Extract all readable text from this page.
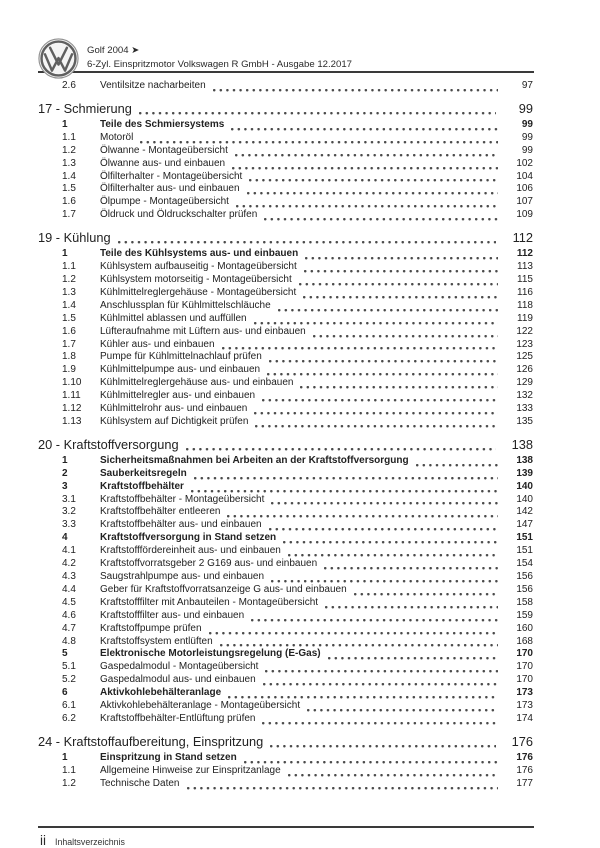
Golf 2004 ➤
6-Zyl. Einspritzmotor Volkswagen R GmbH - Ausgabe 12.2017
2.6	Ventilsitze nacharbeiten	97
17 - Schmierung	99
1	Teile des Schmiersystems	99
1.1	Motoröl	99
1.2	Ölwanne - Montageübersicht	99
1.3	Ölwanne aus- und einbauen	102
1.4	Ölfilterhalter - Montageübersicht	104
1.5	Ölfilterhalter aus- und einbauen	106
1.6	Ölpumpe - Montageübersicht	107
1.7	Öldruck und Öldruckschalter prüfen	109
19 - Kühlung	112
1	Teile des Kühlsystems aus- und einbauen	112
1.1	Kühlsystem aufbauseitig - Montageübersicht	113
1.2	Kühlsystem motorseitig - Montageübersicht	115
1.3	Kühlmittelreglergehäuse - Montageübersicht	116
1.4	Anschlussplan für Kühlmittelschläuche	118
1.5	Kühlmittel ablassen und auffüllen	119
1.6	Lüfteraufnahme mit Lüftern aus- und einbauen	122
1.7	Kühler aus- und einbauen	123
1.8	Pumpe für Kühlmittelnachlauf prüfen	125
1.9	Kühlmittelpumpe aus- und einbauen	126
1.10	Kühlmittelreglergehäuse aus- und einbauen	129
1.11	Kühlmittelregler aus- und einbauen	132
1.12	Kühlmittelrohr aus- und einbauen	133
1.13	Kühlsystem auf Dichtigkeit prüfen	135
20 - Kraftstoffversorgung	138
1	Sicherheitsmaßnahmen bei Arbeiten an der Kraftstoffversorgung	138
2	Sauberkeitsregeln	139
3	Kraftstoffbehälter	140
3.1	Kraftstoffbehälter - Montageübersicht	140
3.2	Kraftstoffbehälter entleeren	142
3.3	Kraftstoffbehälter aus- und einbauen	147
4	Kraftstoffversorgung in Stand setzen	151
4.1	Kraftstofffördereinheit aus- und einbauen	151
4.2	Kraftstoffvorratsgeber 2 G169 aus- und einbauen	154
4.3	Saugstrahlpumpe aus- und einbauen	156
4.4	Geber für Kraftstoffvorratsanzeige G aus- und einbauen	156
4.5	Kraftstofffilter mit Anbauteilen - Montageübersicht	158
4.6	Kraftstofffilter aus- und einbauen	159
4.7	Kraftstoffpumpe prüfen	160
4.8	Kraftstoffsystem entlüften	168
5	Elektronische Motorleistungsregelung (E-Gas)	170
5.1	Gaspedalmodul - Montageübersicht	170
5.2	Gaspedalmodul aus- und einbauen	170
6	Aktivkohlebehälteranlage	173
6.1	Aktivkohlebehälteranlage - Montageübersicht	173
6.2	Kraftstoffbehälter-Entlüftung prüfen	174
24 - Kraftstoffaufbereitung, Einspritzung	176
1	Einspritzung in Stand setzen	176
1.1	Allgemeine Hinweise zur Einspritzanlage	176
1.2	Technische Daten	177
ii Inhaltsverzeichnis
